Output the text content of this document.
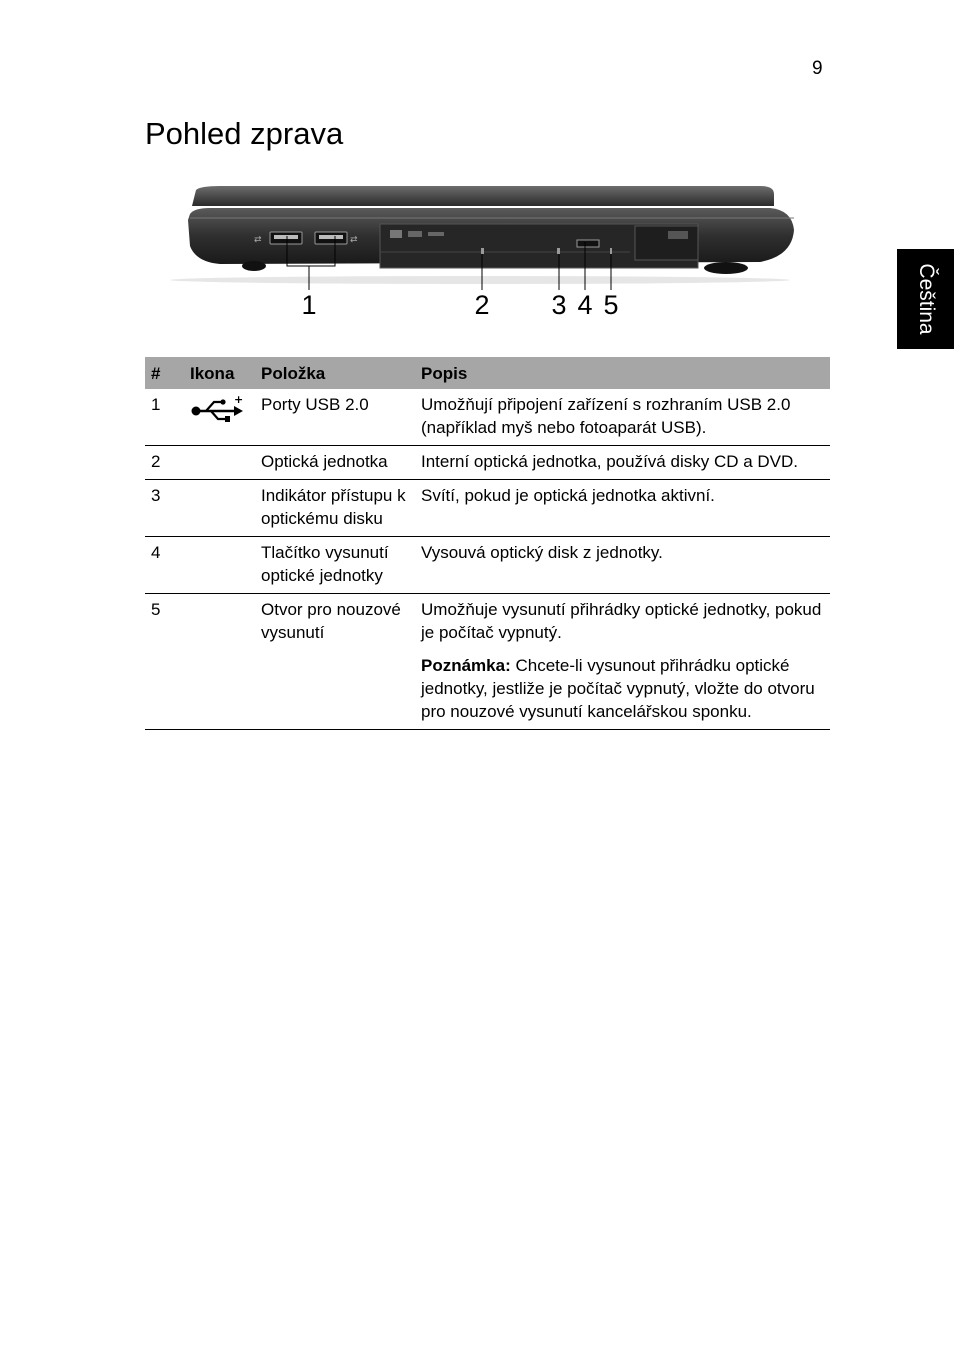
9
Pohled zprava
Čeština
⇄	⇄
1	2 3 4 5
#	Ikona	Položka	Popis
1	+	Porty USB 2.0	Umožňují připojení zařízení s rozhraním USB 2.0 (například myš nebo fotoaparát USB).
2		Optická jednotka	Interní optická jednotka, používá disky CD a DVD.
3		Indikátor přístupu k optickému disku	Svítí, pokud je optická jednotka aktivní.
4		Tlačítko vysunutí optické jednotky	Vysouvá optický disk z jednotky.
5		Otvor pro nouzové vysunutí	Umožňuje vysunutí přihrádky optické jednotky, pokud je počítač vypnutý.

Poznámka: Chcete-li vysunout přihrádku optické jednotky, jestliže je počítač vypnutý, vložte do otvoru pro nouzové vysunutí kancelářskou sponku.
